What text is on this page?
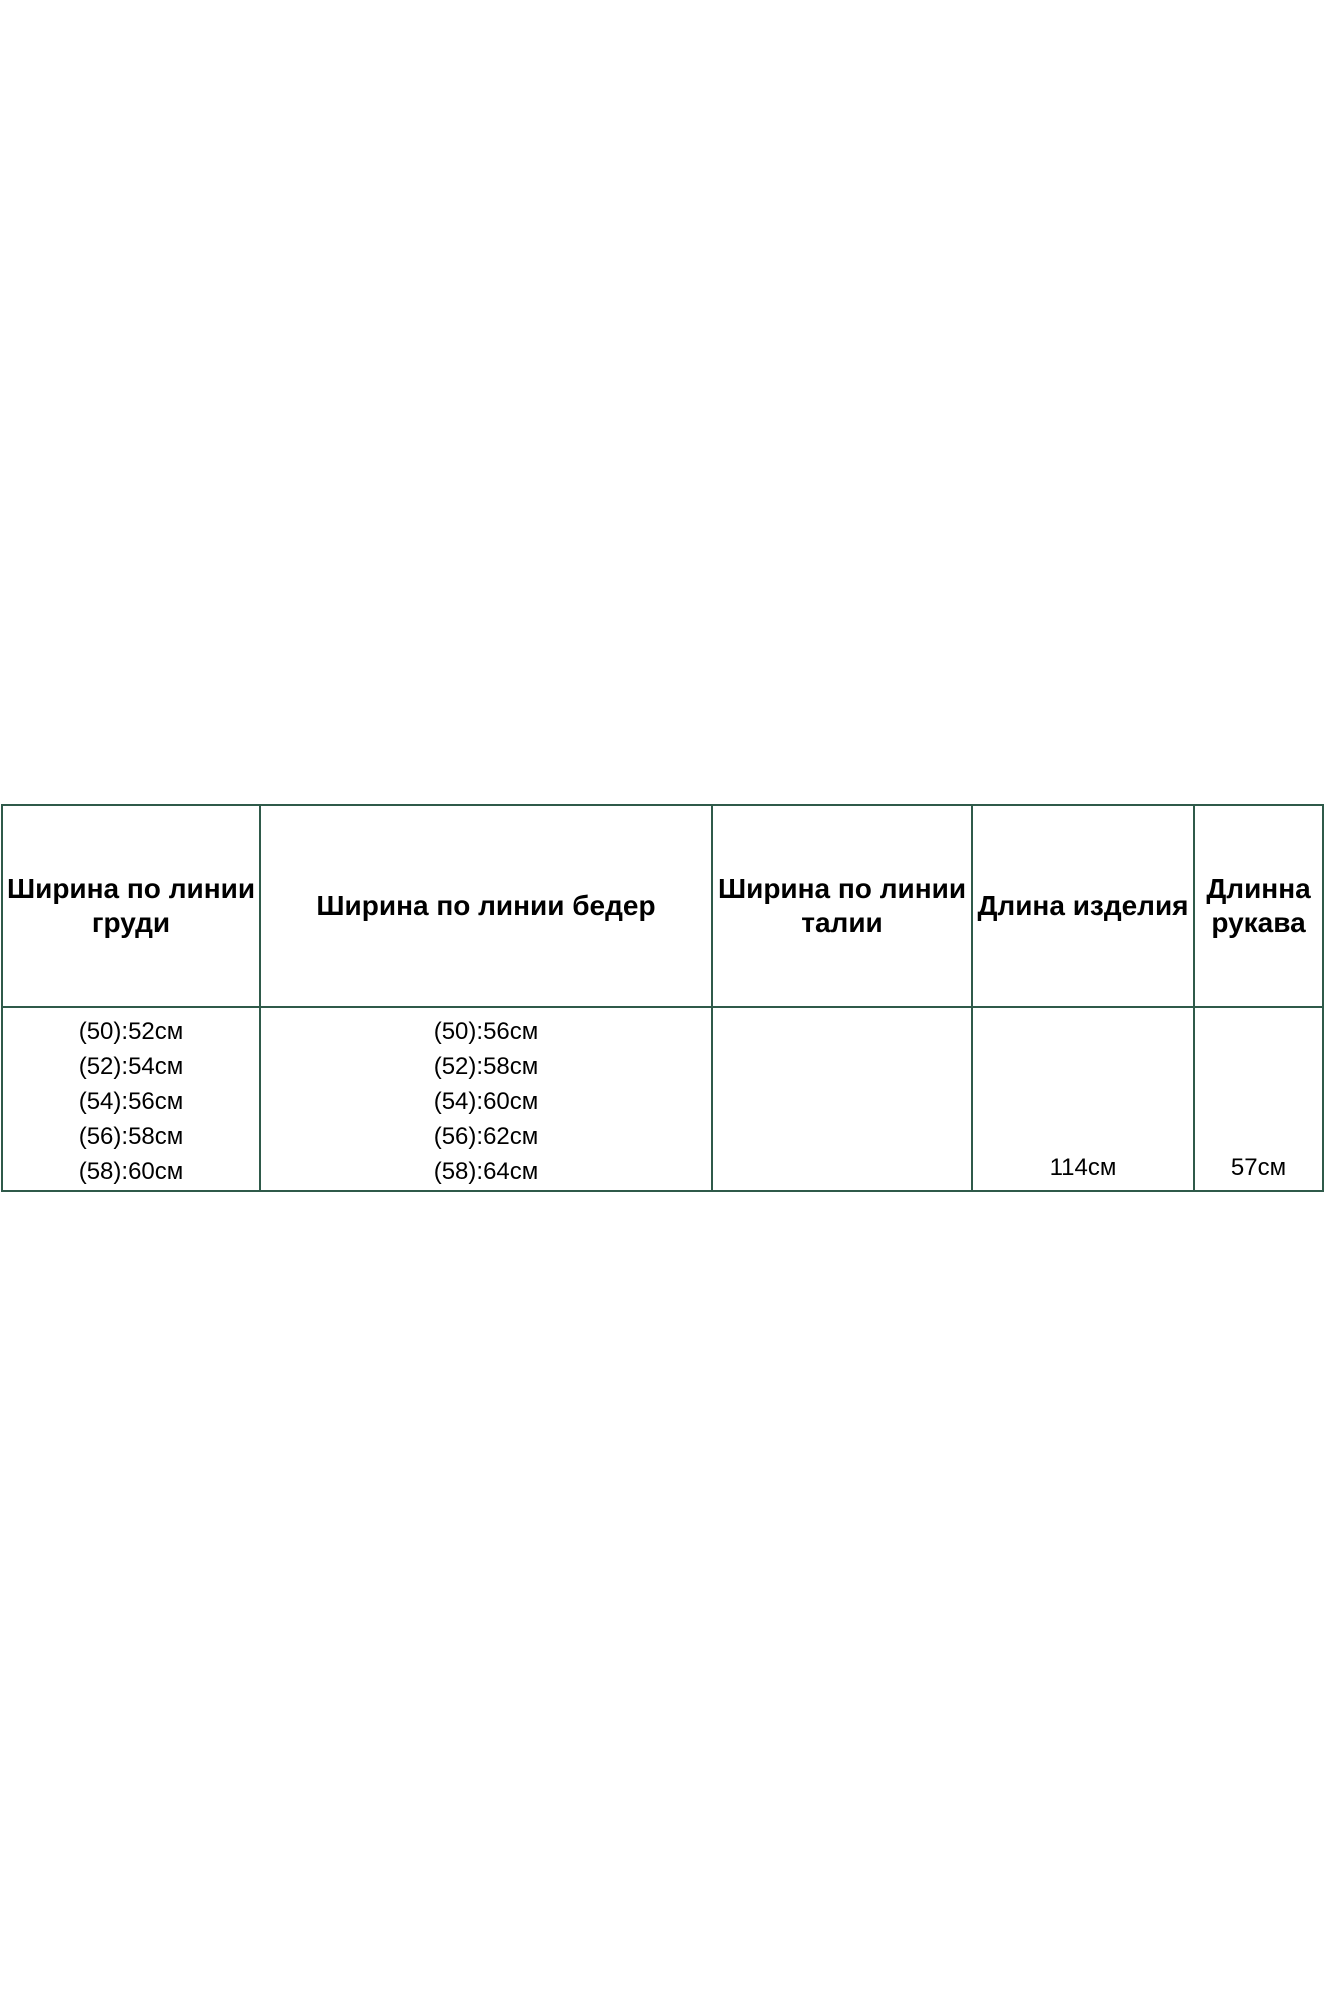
Ширина по линии груди	Ширина по линии бедер	Ширина по линии талии	Длина изделия	Длинна рукава

(50):52см
(52):54см
(54):56см
(56):58см
(58):60см	(50):56см
(52):58см
(54):60см
(56):62см
(58):64см		114см	57см
